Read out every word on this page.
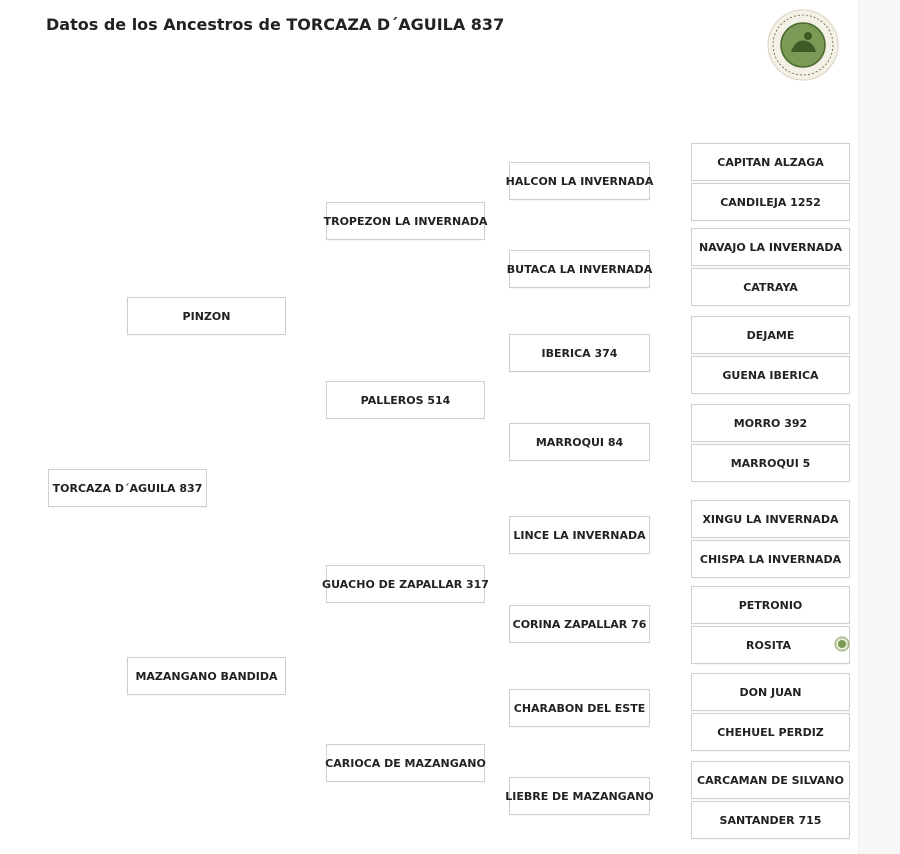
Datos de los Ancestros de TORCAZA D´AGUILA 837
TORCAZA D´AGUILA 837
PINZON
MAZANGANO BANDIDA
TROPEZON LA INVERNADA
PALLEROS 514
GUACHO DE ZAPALLAR 317
CARIOCA DE MAZANGANO
HALCON LA INVERNADA
BUTACA LA INVERNADA
IBERICA 374
MARROQUI 84
LINCE LA INVERNADA
CORINA ZAPALLAR 76
CHARABON DEL ESTE
LIEBRE DE MAZANGANO
CAPITAN ALZAGA
CANDILEJA 1252
NAVAJO LA INVERNADA
CATRAYA
DEJAME
GUENA IBERICA
MORRO 392
MARROQUI 5
XINGU LA INVERNADA
CHISPA LA INVERNADA
PETRONIO
ROSITA
DON JUAN
CHEHUEL PERDIZ
CARCAMAN DE SILVANO
SANTANDER 715
